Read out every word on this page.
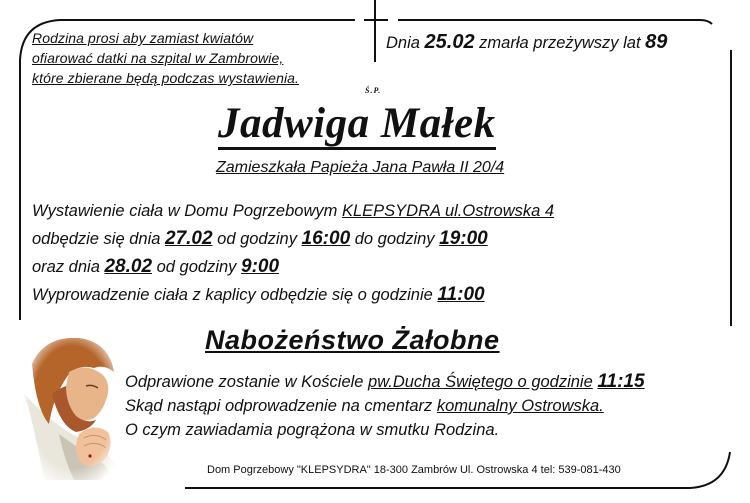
Rodzina prosi aby zamiast kwiatów
ofiarować datki na szpital w Zambrowie,
które zbierane będą podczas wystawienia.
Dnia 25.02 zmarła przeżywszy lat 89
Ś.P.
Jadwiga Małek
Zamieszkała Papieża Jana Pawła II 20/4
Wystawienie ciała w Domu Pogrzebowym KLEPSYDRA ul.Ostrowska 4
odbędzie się dnia 27.02 od godziny 16:00 do godziny 19:00
oraz dnia 28.02 od godziny 9:00
Wyprowadzenie ciała z kaplicy odbędzie się o godzinie 11:00
Nabożeństwo Żałobne
Odprawione zostanie w Kościele pw.Ducha Świętego o godzinie 11:15
Skąd nastąpi odprowadzenie na cmentarz komunalny Ostrowska.
O czym zawiadamia pogrążona w smutku Rodzina.
Dom Pogrzebowy "KLEPSYDRA" 18-300 Zambrów Ul. Ostrowska 4 tel: 539-081-430
